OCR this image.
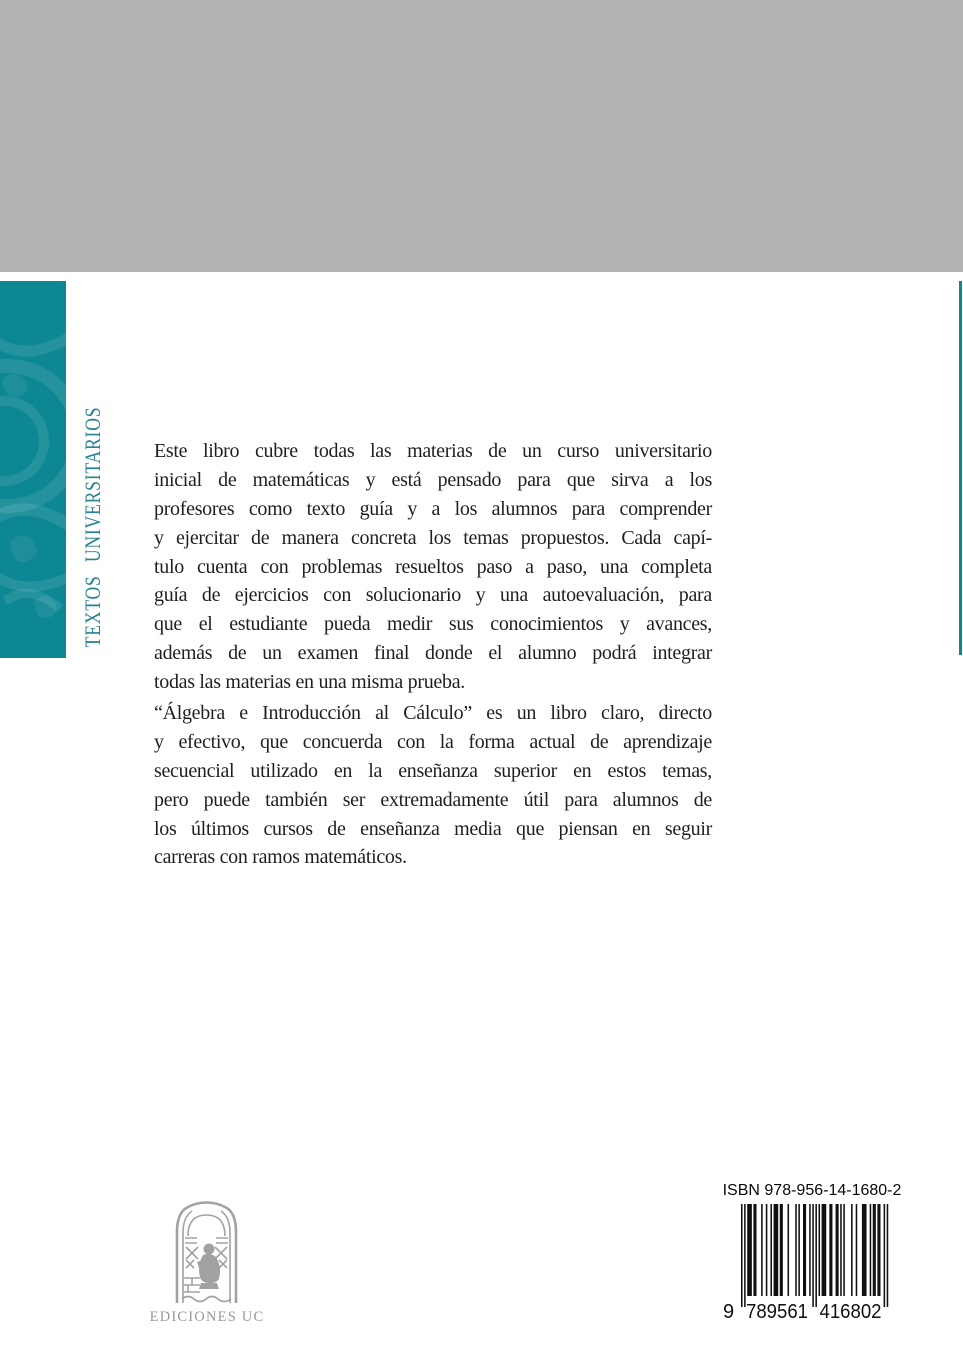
TEXTOS UNIVERSITARIOS Este libro cubre todas las materias de un curso universitario
inicial de matemáticas y está pensado para que sirva a los
profesores como texto guía y a los alumnos para comprender
y ejercitar de manera concreta los temas propuestos. Cada capí-
tulo cuenta con problemas resueltos paso a paso, una completa
guía de ejercicios con solucionario y una autoevaluación, para
que el estudiante pueda medir sus conocimientos y avances,
además de un examen final donde el alumno podrá integrar
todas las materias en una misma prueba.
“Álgebra e Introducción al Cálculo” es un libro claro, directo
y efectivo, que concuerda con la forma actual de aprendizaje
secuencial utilizado en la enseñanza superior en estos temas,
pero puede también ser extremadamente útil para alumnos de
los últimos cursos de enseñanza media que piensan en seguir
carreras con ramos matemáticos.
EDICIONES UC
ISBN 978-956-14-1680-2
9 789561 416802
